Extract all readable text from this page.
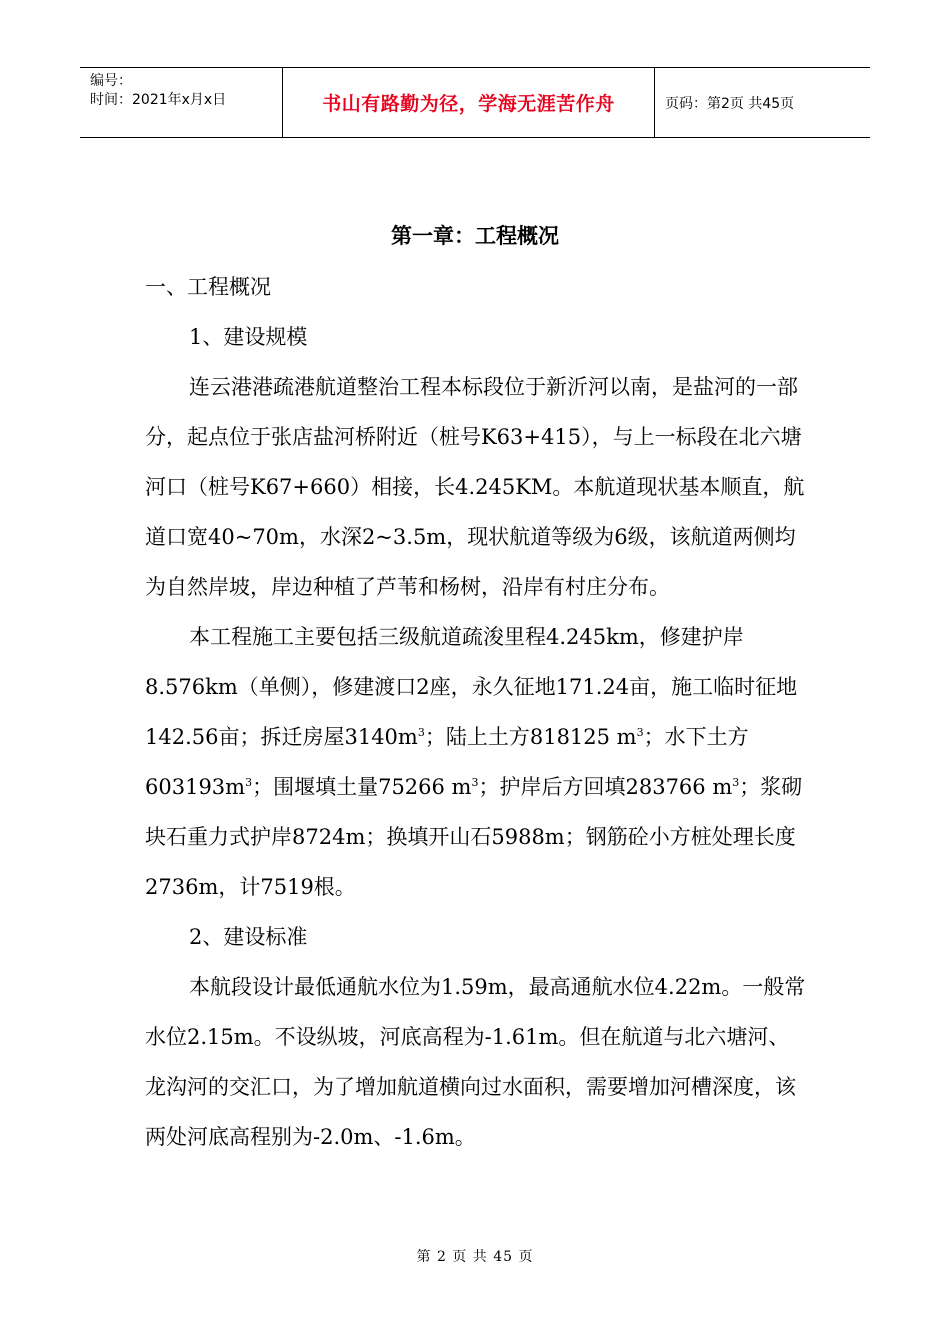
编号：
时间：2021年x月x日	书山有路勤为径，学海无涯苦作舟	页码：第2页 共45页
第一章：工程概况

一、工程概况

1、建设规模

连云港港疏港航道整治工程本标段位于新沂河以南，是盐河的一部分，起点位于张店盐河桥附近（桩号K63+415），与上一标段在北六塘河口（桩号K67+660）相接，长4.245KM。本航道现状基本顺直，航道口宽40~70m，水深2~3.5m，现状航道等级为6级，该航道两侧均为自然岸坡，岸边种植了芦苇和杨树，沿岸有村庄分布。

本工程施工主要包括三级航道疏浚里程4.245km，修建护岸8.576km（单侧），修建渡口2座，永久征地171.24亩，施工临时征地142.56亩；拆迁房屋$3140m^3$；陆上土方818125 $m^3$；水下土方$603193m^3$；围堰填土量75266 $m^3$；护岸后方回填283766 $m^3$；浆砌块石重力式护岸8724m；换填开山石5988m；钢筋砼小方桩处理长度2736m，计7519根。

2、建设标准

本航段设计最低通航水位为1.59m，最高通航水位4.22m。一般常水位2.15m。不设纵坡，河底高程为-1.61m。但在航道与北六塘河、龙沟河的交汇口，为了增加航道横向过水面积，需要增加河槽深度，该两处河底高程别为-2.0m、-1.6m。

第 2 页 共 45 页
